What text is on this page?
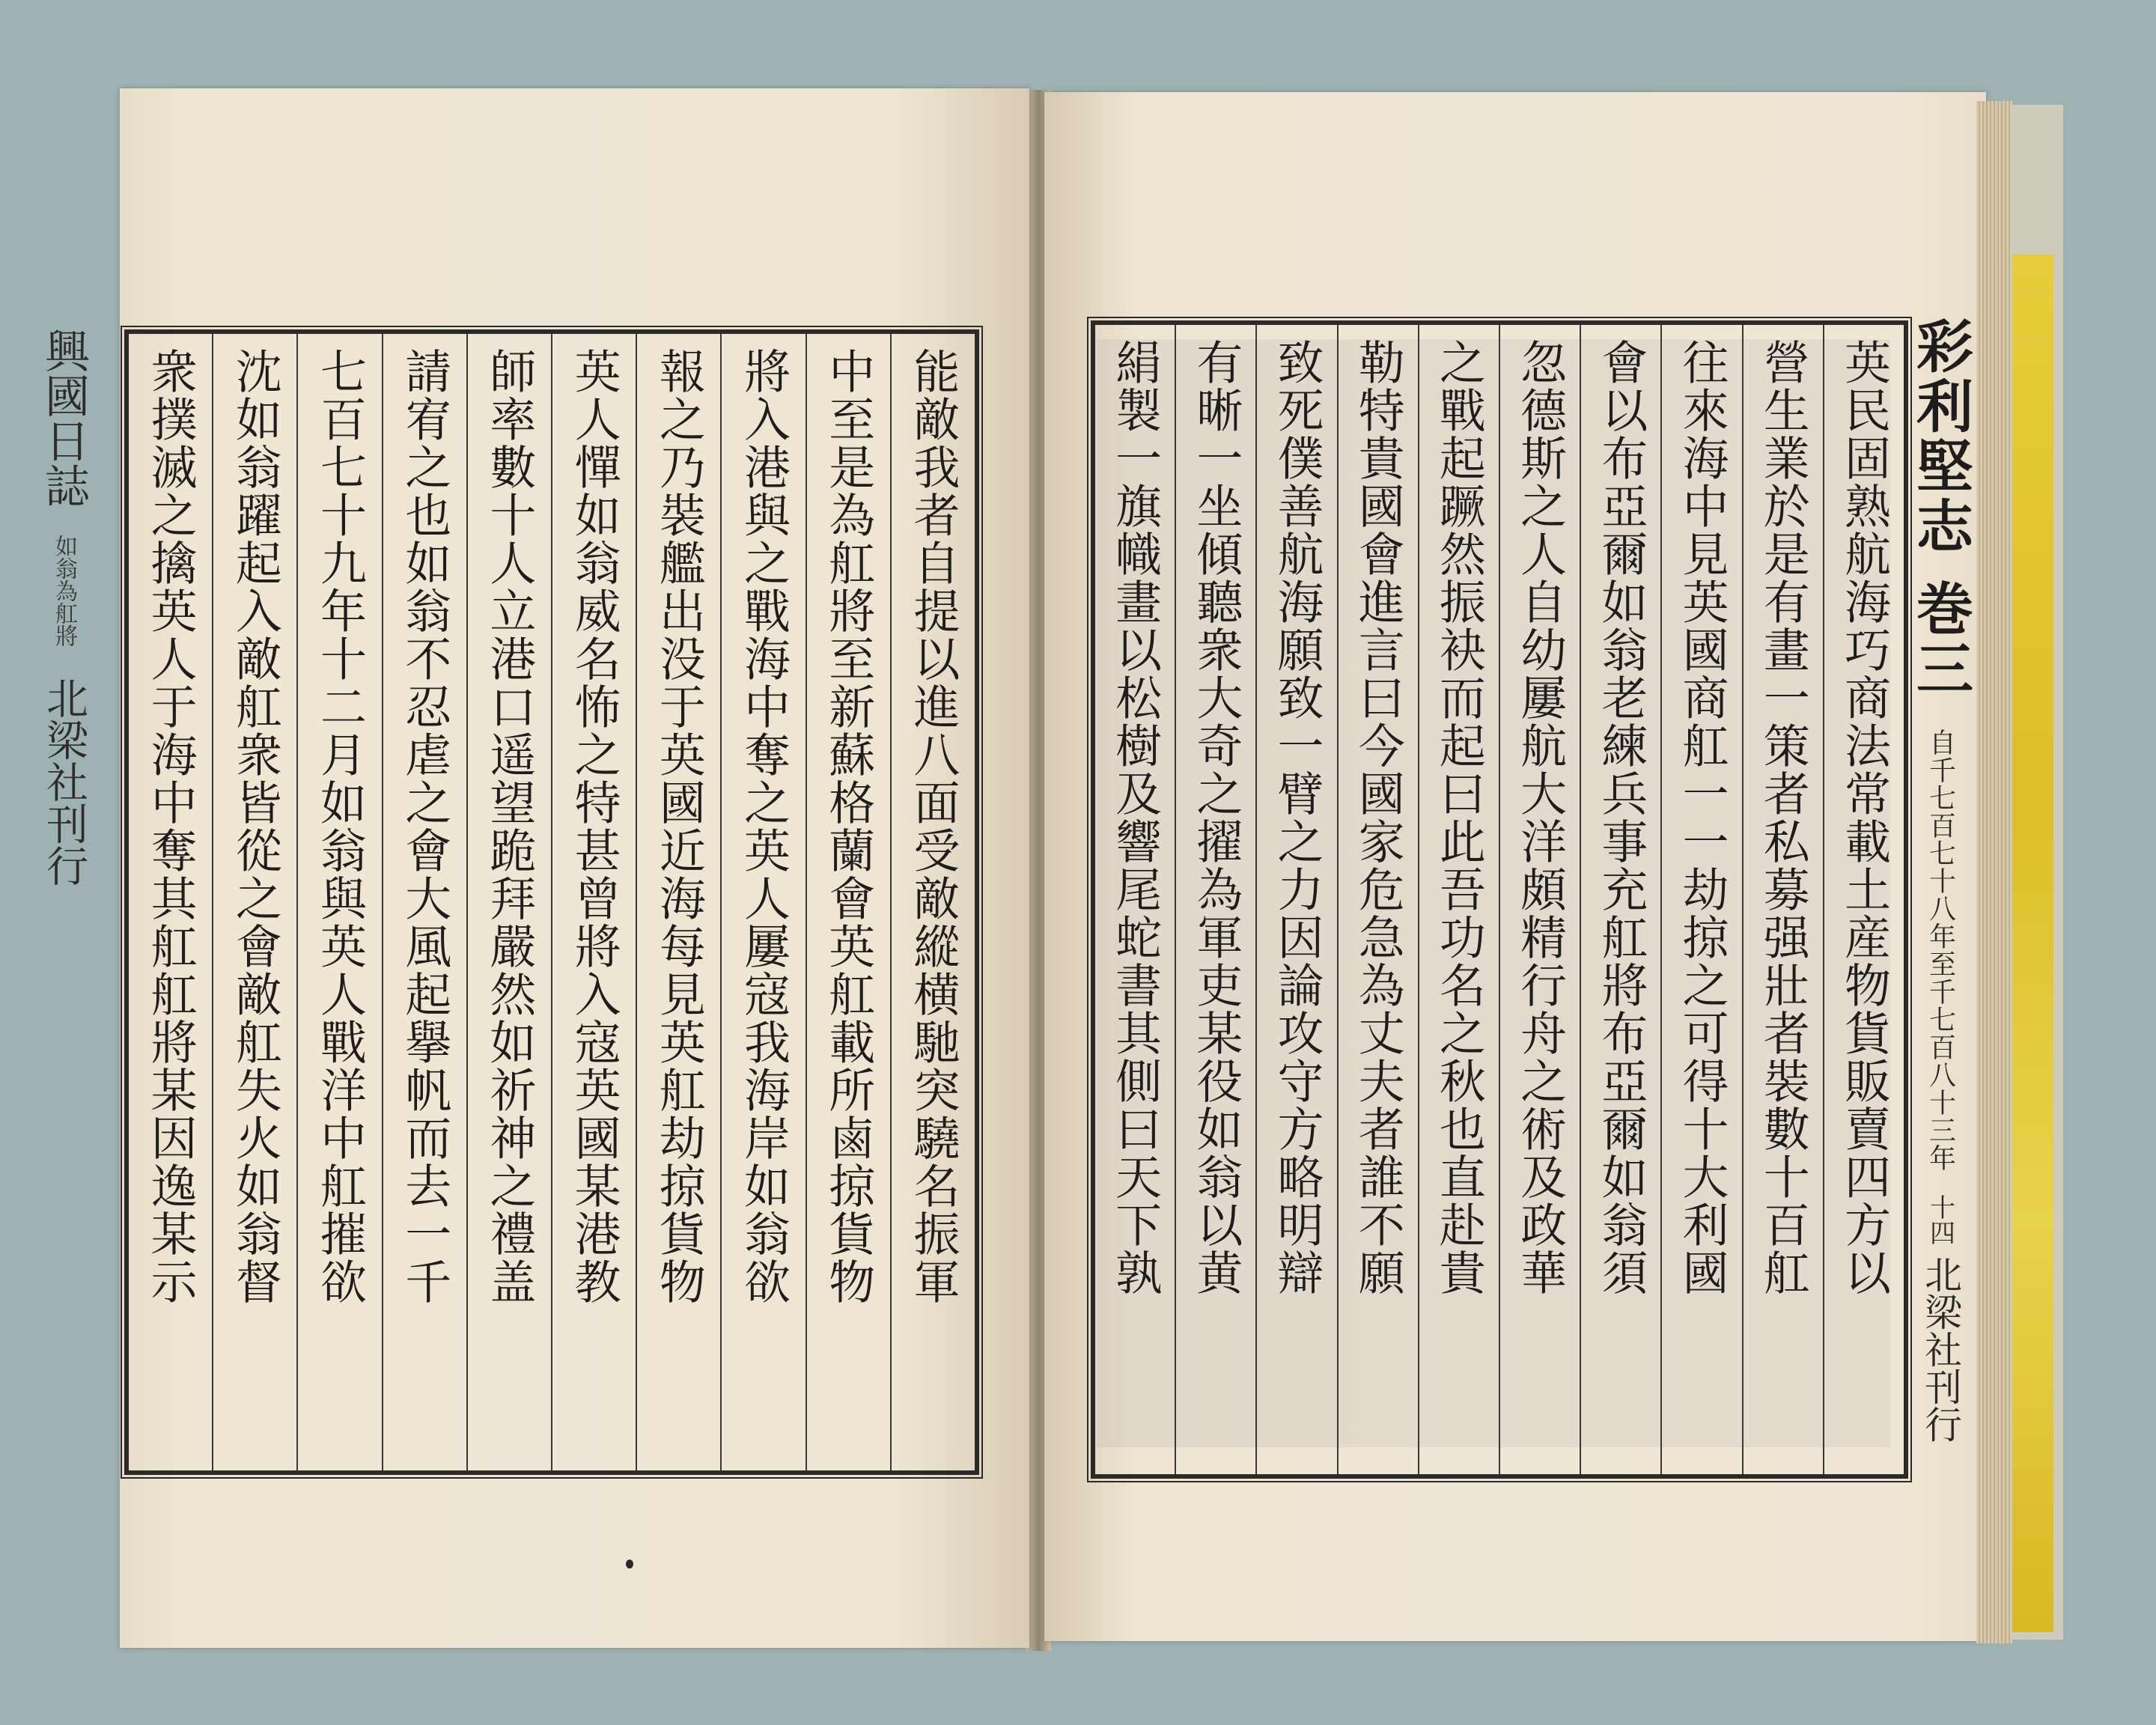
興國日誌
如翁為舡將
北梁社刊行	能敵我者自提以進八面受敵縱横馳突驍名振軍
中至是為舡將至新蘇格蘭會英舡載所鹵掠貨物
將入港與之戰海中奪之英人屢寇我海岸如翁欲
報之乃裝艦出没于英國近海每見英舡劫掠貨物
英人憚如翁威名怖之特甚曾將入寇英國某港教
師率數十人立港口遥望跪拜嚴然如祈神之禮盖
請宥之也如翁不忍虐之會大風起擧帆而去一千
七百七十九年十二月如翁與英人戰洋中舡摧欲
沈如翁躍起入敵舡衆皆從之會敵舡失火如翁督
衆撲滅之擒英人于海中奪其舡舡將某因逸某示	英民固熟航海巧商法常載土産物貨販賣四方以
營生業於是有畫一策者私募强壯者裝數十百舡
往來海中見英國商舡一一劫掠之可得十大利國
會以布亞爾如翁老練兵事充舡將布亞爾如翁須
忽德斯之人自幼屢航大洋頗精行舟之術及政華
之戰起蹶然振袂而起曰此吾功名之秋也直赴貴
勒特貴國會進言曰今國家危急為丈夫者誰不願
致死僕善航海願致一臂之力因論攻守方略明辯
有晰一坐傾聽衆大奇之擢為軍吏某役如翁以黄
絹製一旗幟畫以松樹及響尾蛇書其側曰天下孰	彩利堅志 巻三
自千七百七十八年至千七百八十三年
十四
北梁社刊行
